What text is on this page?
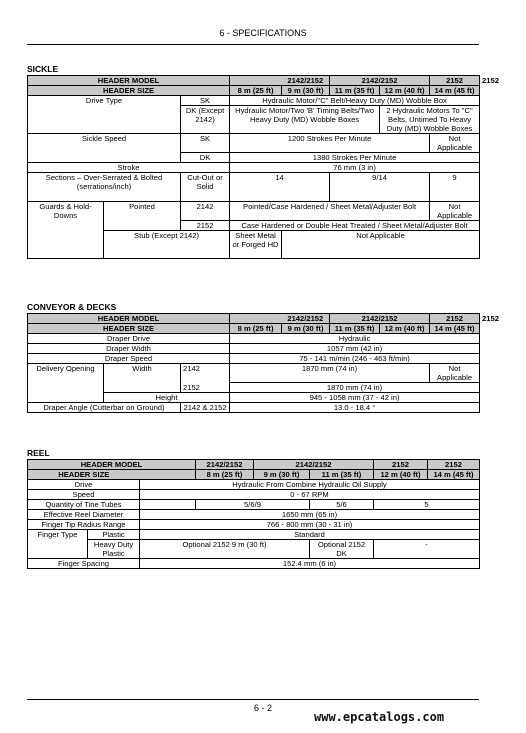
6 - SPECIFICATIONS
SICKLE
HEADER MODEL				2142/2152	2142/2152		2152	2152
HEADER SIZE			8 m (25 ft)	9 m (30 ft)	11 m (35 ft)	12 m (40 ft)	14 m (45 ft)	
Drive Type		SK	Hydraulic Motor/"C" Belt/Heavy Duty (MD) Wobble Box					
		DK (Except 2142)	Hydraulic Motor/Two 'B' Timing Belts/Two Heavy Duty (MD) Wobble Boxes			2 Hydraulic Motors To "C" Belts, Untimed To Heavy Duty (MD) Wobble Boxes		
Sickle Speed		SK	1200 Strokes Per Minute				Not Applicable	
		DK	1380 Strokes Per Minute					
Stroke			76 mm (3 in)					
Sections – Over-Serrated & Bolted (serrations/inch)		Cut-Out or Solid	14		9/14		9	
Guards & Hold-Downs	Pointed	2142	Pointed/Case Hardened / Sheet Metal/Adjuster Bolt				Not Applicable	
		2152	Case Hardened or Double Heat Treated / Sheet Metal/Adjuster Bolt					
	Stub (Except 2142)		Sheet Metal or Forged HD	Not Applicable				
CONVEYOR & DECKS
HEADER MODEL				2142/2152	2142/2152		2152	2152
HEADER SIZE			8 m (25 ft)	9 m (30 ft)	11 m (35 ft)	12 m (40 ft)	14 m (45 ft)	
Draper Drive			Hydraulic					
Draper Width			1057 mm (42 in)					
Draper Speed			75 - 141 m/min (246 - 463 ft/min)					
Delivery Opening	Width	2142	1870 mm (74 in)				Not Applicable	
		2152	1870 mm (74 in)					
	Height		945 - 1058 mm (37 - 42 in)					
Draper Angle (Cutterbar on Ground)		2142 & 2152	13.0 - 18.4 °					
REEL
HEADER MODEL			2142/2152	2142/2152		2152	2152
HEADER SIZE			8 m (25 ft)	9 m (30 ft)	11 m (35 ft)	12 m (40 ft)	14 m (45 ft)
Drive		Hydraulic From Combine Hydraulic Oil Supply					
Speed		0 - 67 RPM					
Quantity of Tine Tubes			5/6/9		5/6	5	
Effective Reel Diameter		1650 mm (65 in)					
Finger Tip Radius Range		766 - 800 mm (30 - 31 in)					
Finger Type	Plastic	Standard					
	Heavy Duty Plastic	Optional 2152 9 m (30 ft)			Optional 2152 DK	-	
Finger Spacing		152.4 mm (6 in)					
6 - 2
www.epcatalogs.com
